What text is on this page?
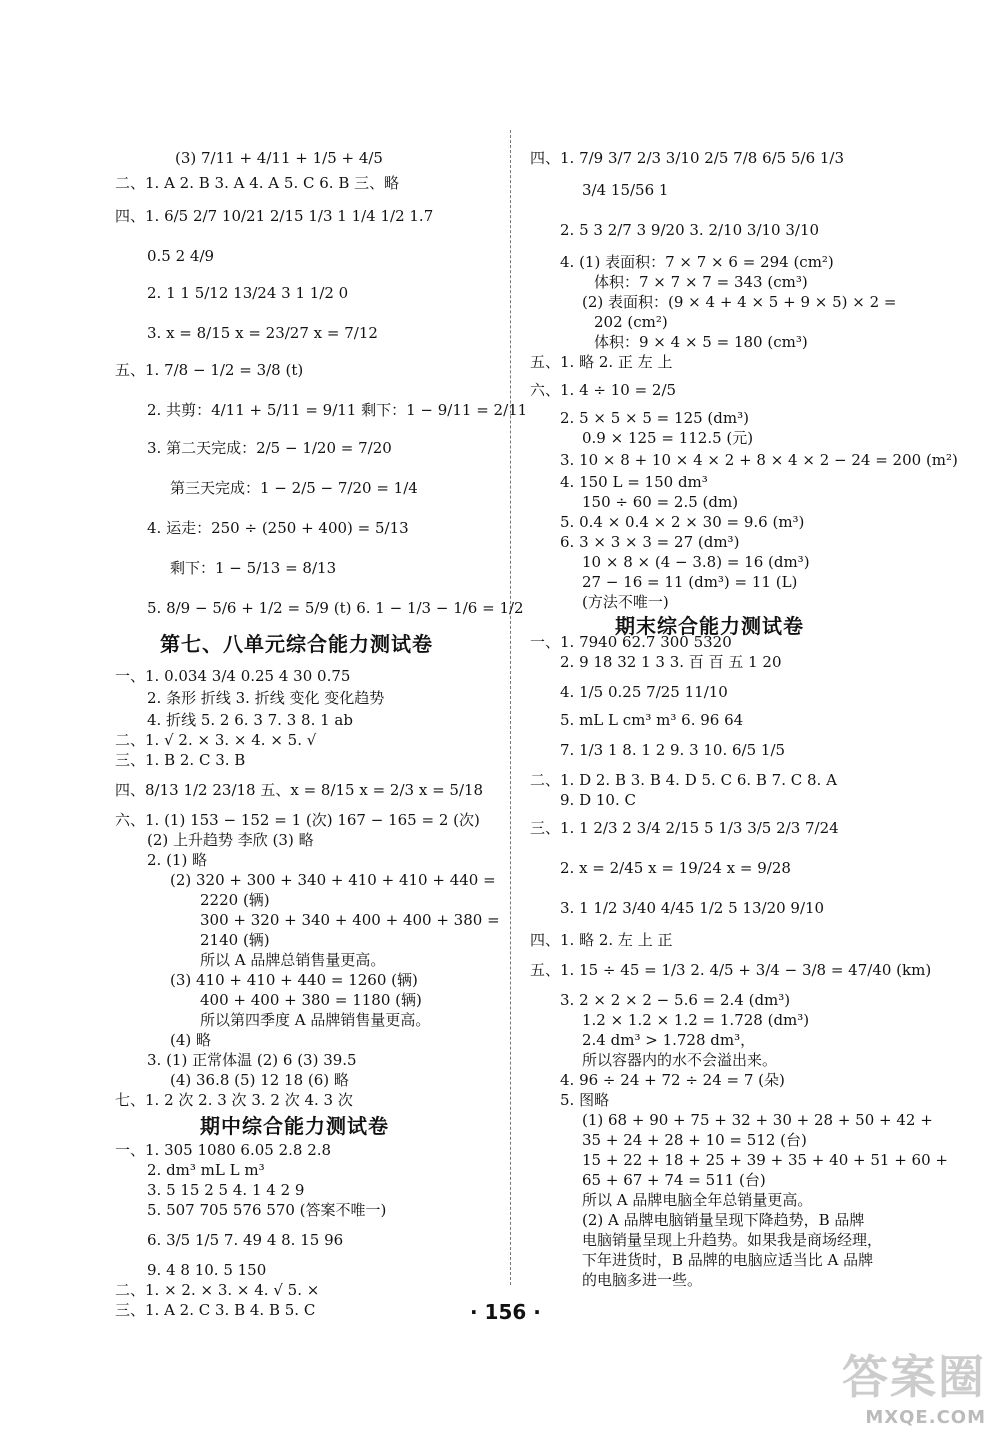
(3) 7/11 + 4/11 + 1/5 + 4/5
二、1. A 2. B 3. A 4. A 5. C 6. B 三、略
四、1. 6/5 2/7 10/21 2/15 1/3 1 1/4 1/2 1.7
0.5 2 4/9
2. 1 1 5/12 13/24 3 1 1/2 0
3. x = 8/15 x = 23/27 x = 7/12
五、1. 7/8 − 1/2 = 3/8 (t)
2. 共剪：4/11 + 5/11 = 9/11 剩下：1 − 9/11 = 2/11
3. 第二天完成：2/5 − 1/20 = 7/20
第三天完成：1 − 2/5 − 7/20 = 1/4
4. 运走：250 ÷ (250 + 400) = 5/13
剩下：1 − 5/13 = 8/13
5. 8/9 − 5/6 + 1/2 = 5/9 (t) 6. 1 − 1/3 − 1/6 = 1/2
第七、八单元综合能力测试卷
一、1. 0.034 3/4 0.25 4 30 0.75
2. 条形 折线 3. 折线 变化 变化趋势
4. 折线 5. 2 6. 3 7. 3 8. 1 ab
二、1. √ 2. × 3. × 4. × 5. √
三、1. B 2. C 3. B
四、8/13 1/2 23/18 五、x = 8/15 x = 2/3 x = 5/18
六、1. (1) 153 − 152 = 1 (次) 167 − 165 = 2 (次)
(2) 上升趋势 李欣 (3) 略
2. (1) 略
(2) 320 + 300 + 340 + 410 + 410 + 440 =
2220 (辆)
300 + 320 + 340 + 400 + 400 + 380 =
2140 (辆)
所以 A 品牌总销售量更高。
(3) 410 + 410 + 440 = 1260 (辆)
400 + 400 + 380 = 1180 (辆)
所以第四季度 A 品牌销售量更高。
(4) 略
3. (1) 正常体温 (2) 6 (3) 39.5
(4) 36.8 (5) 12 18 (6) 略
七、1. 2 次 2. 3 次 3. 2 次 4. 3 次
期中综合能力测试卷
一、1. 305 1080 6.05 2.8 2.8
2. dm³ mL L m³
3. 5 15 2 5 4. 1 4 2 9
5. 507 705 576 570 (答案不唯一)
6. 3/5 1/5 7. 49 4 8. 15 96
9. 4 8 10. 5 150
二、1. × 2. × 3. × 4. √ 5. ×
三、1. A 2. C 3. B 4. B 5. C
四、1. 7/9 3/7 2/3 3/10 2/5 7/8 6/5 5/6 1/3
3/4 15/56 1
2. 5 3 2/7 3 9/20 3. 2/10 3/10 3/10
4. (1) 表面积：7 × 7 × 6 = 294 (cm²)
体积：7 × 7 × 7 = 343 (cm³)
(2) 表面积：(9 × 4 + 4 × 5 + 9 × 5) × 2 =
202 (cm²)
体积：9 × 4 × 5 = 180 (cm³)
五、1. 略 2. 正 左 上
六、1. 4 ÷ 10 = 2/5
2. 5 × 5 × 5 = 125 (dm³)
0.9 × 125 = 112.5 (元)
3. 10 × 8 + 10 × 4 × 2 + 8 × 4 × 2 − 24 = 200 (m²)
4. 150 L = 150 dm³
150 ÷ 60 = 2.5 (dm)
5. 0.4 × 0.4 × 2 × 30 = 9.6 (m³)
6. 3 × 3 × 3 = 27 (dm³)
10 × 8 × (4 − 3.8) = 16 (dm³)
27 − 16 = 11 (dm³) = 11 (L)
(方法不唯一)
期末综合能力测试卷
一、1. 7940 62.7 300 5320
2. 9 18 32 1 3 3. 百 百 五 1 20
4. 1/5 0.25 7/25 11/10
5. mL L cm³ m³ 6. 96 64
7. 1/3 1 8. 1 2 9. 3 10. 6/5 1/5
二、1. D 2. B 3. B 4. D 5. C 6. B 7. C 8. A
9. D 10. C
三、1. 1 2/3 2 3/4 2/15 5 1/3 3/5 2/3 7/24
2. x = 2/45 x = 19/24 x = 9/28
3. 1 1/2 3/40 4/45 1/2 5 13/20 9/10
四、1. 略 2. 左 上 正
五、1. 15 ÷ 45 = 1/3 2. 4/5 + 3/4 − 3/8 = 47/40 (km)
3. 2 × 2 × 2 − 5.6 = 2.4 (dm³)
1.2 × 1.2 × 1.2 = 1.728 (dm³)
2.4 dm³ > 1.728 dm³，
所以容器内的水不会溢出来。
4. 96 ÷ 24 + 72 ÷ 24 = 7 (朵)
5. 图略
(1) 68 + 90 + 75 + 32 + 30 + 28 + 50 + 42 +
35 + 24 + 28 + 10 = 512 (台)
15 + 22 + 18 + 25 + 39 + 35 + 40 + 51 + 60 +
65 + 67 + 74 = 511 (台)
所以 A 品牌电脑全年总销量更高。
(2) A 品牌电脑销量呈现下降趋势，B 品牌
电脑销量呈现上升趋势。如果我是商场经理，
下年进货时，B 品牌的电脑应适当比 A 品牌
的电脑多进一些。
· 156 ·
答案圈
MXQE.COM
